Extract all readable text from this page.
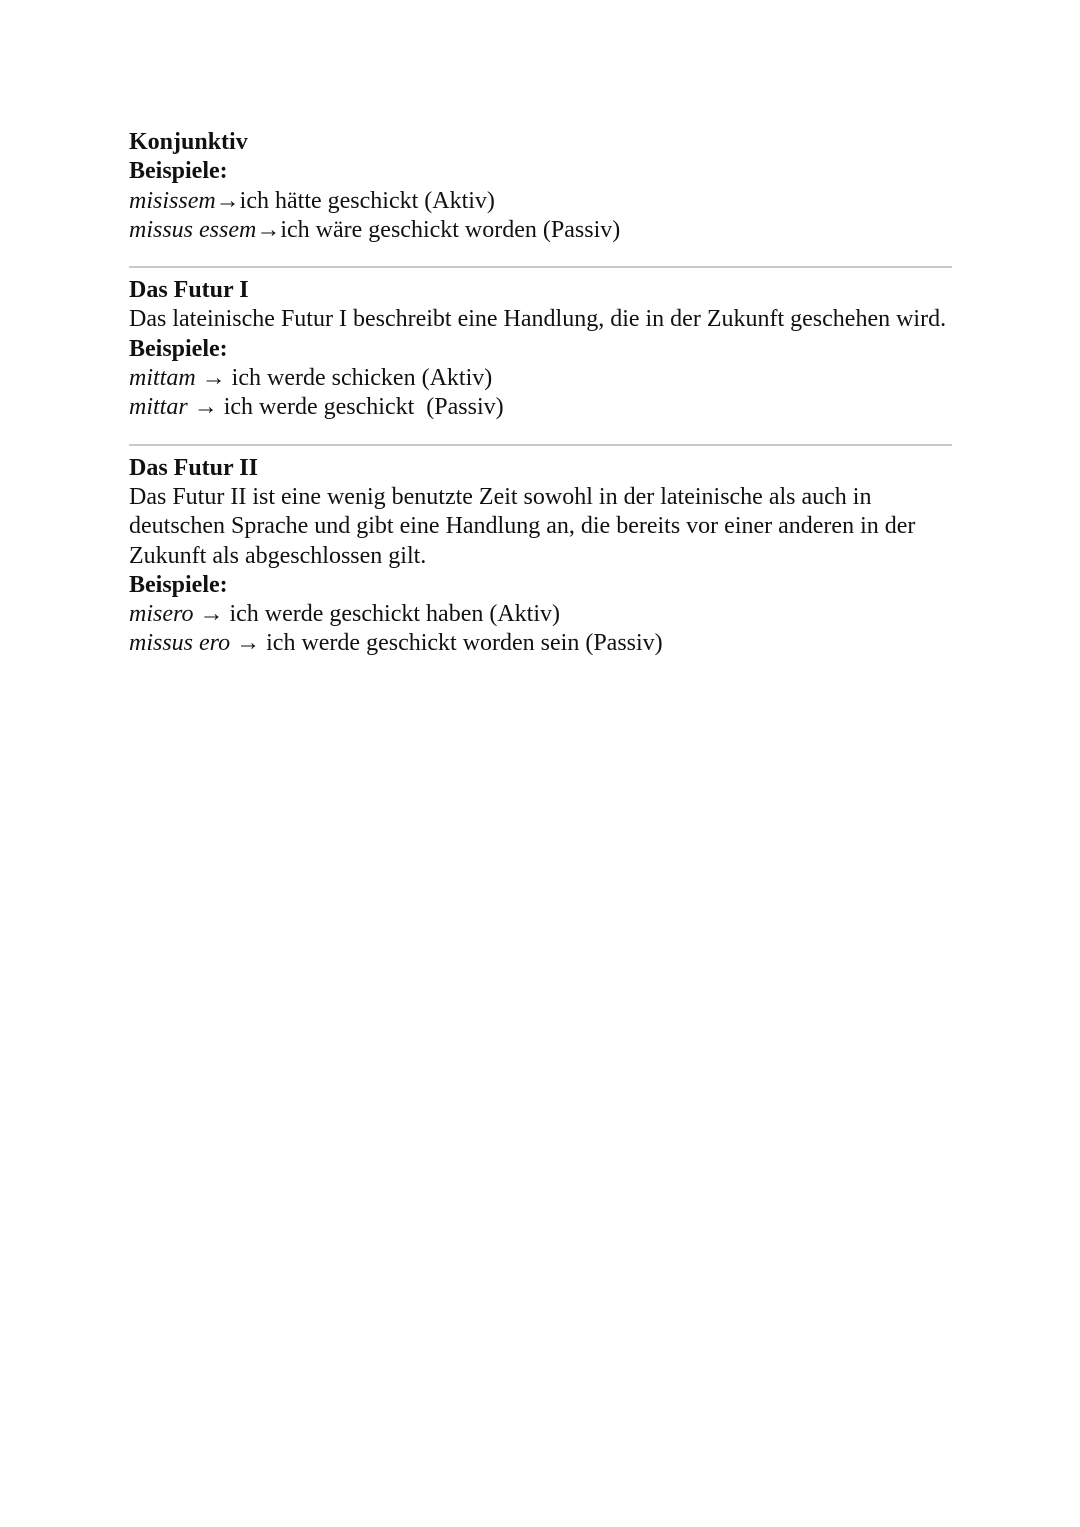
Konjunktiv
Beispiele:
misissem→ich hätte geschickt (Aktiv)
missus essem→ich wäre geschickt worden (Passiv)
Das Futur I

Das lateinische Futur I beschreibt eine Handlung, die in der Zukunft geschehen wird.

Beispiele:
mittam → ich werde schicken (Aktiv)
mittar → ich werde geschickt  (Passiv)
Das Futur II

Das Futur II ist eine wenig benutzte Zeit sowohl in der lateinische als auch in deutschen Sprache und gibt eine Handlung an, die bereits vor einer anderen in der Zukunft als abgeschlossen gilt.

Beispiele:
misero → ich werde geschickt haben (Aktiv)
missus ero → ich werde geschickt worden sein (Passiv)
